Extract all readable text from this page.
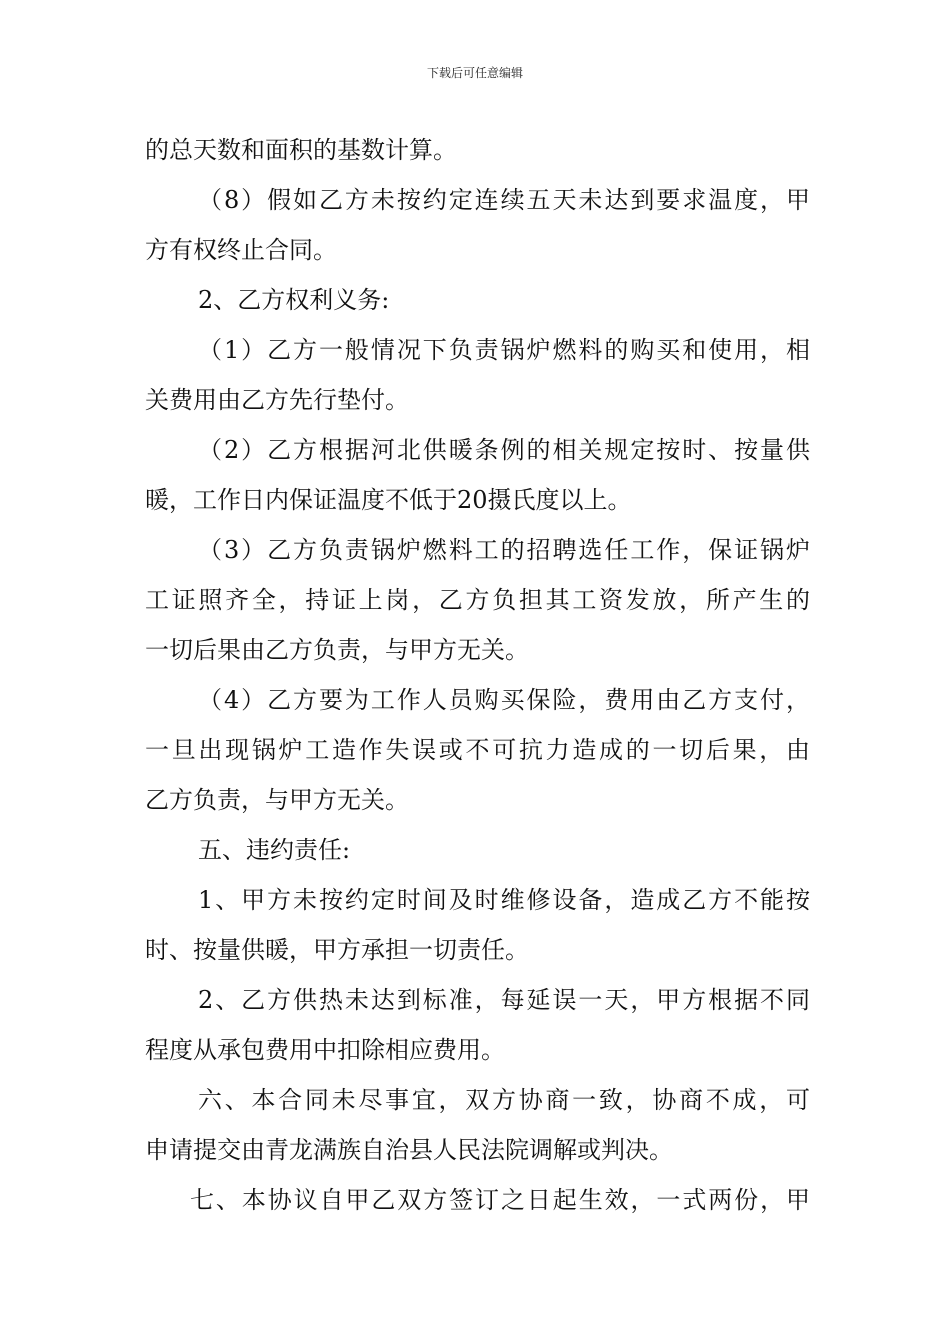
下载后可任意编辑
的总天数和面积的基数计算。
（8）假如乙方未按约定连续五天未达到要求温度，甲
方有权终止合同。
2、乙方权利义务:
（1）乙方一般情况下负责锅炉燃料的购买和使用，相
关费用由乙方先行垫付。
（2）乙方根据河北供暖条例的相关规定按时、按量供
暖，工作日内保证温度不低于20摄氏度以上。
（3）乙方负责锅炉燃料工的招聘选任工作，保证锅炉
工证照齐全，持证上岗，乙方负担其工资发放，所产生的
一切后果由乙方负责，与甲方无关。
（4）乙方要为工作人员购买保险，费用由乙方支付，
一旦出现锅炉工造作失误或不可抗力造成的一切后果，由
乙方负责，与甲方无关。
五、违约责任:
1、甲方未按约定时间及时维修设备，造成乙方不能按
时、按量供暖，甲方承担一切责任。
2、乙方供热未达到标准，每延误一天，甲方根据不同
程度从承包费用中扣除相应费用。
六、本合同未尽事宜，双方协商一致，协商不成，可
申请提交由青龙满族自治县人民法院调解或判决。
七、本协议自甲乙双方签订之日起生效，一式两份，甲
